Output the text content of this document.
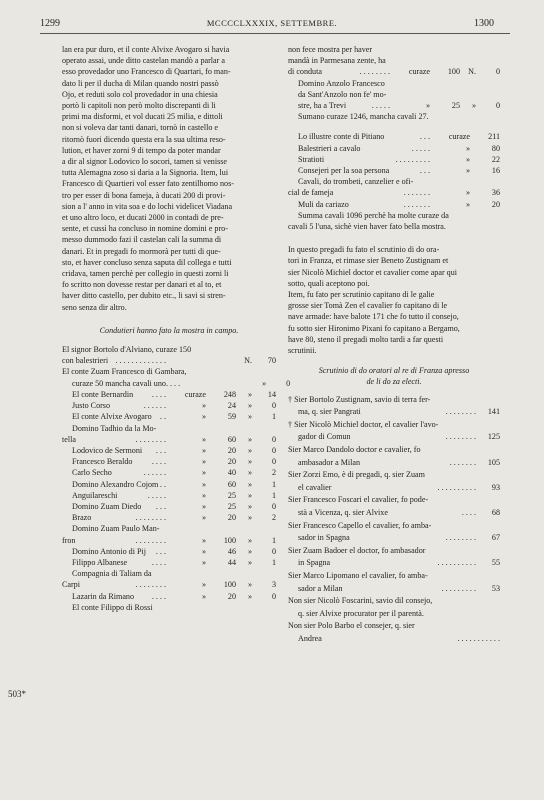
1299	MCCCCLXXXIX, SETTEMBRE.	1300
503*
lan era pur duro, et il conte Alvixe Avogaro si havia
operato assai, unde ditto castelan mandò a parlar a
esso provedador uno Francesco di Quartari, fo man-
dato li per il ducha di Milan quando nostri passò
Ojo, et reduti solo col provedador in una chiesia
portò li capitoli non però molto discrepanti di li
primi ma disformi, et vol ducati 25 milia, e dittoli
non si voleva dar tanti danari, tornò in castello e
ritornò fuori dicendo questa era la sua ultima reso-
lution, et haver zorni 9 di tempo da poter mandar
a dir al signor Lodovico lo socori, tamen si venisse
tutta Alemagna zoso si daria a la Signoria. Item, lui
Francesco di Quartieri vol esser fato zentilhomo nos-
tro per esser di bona fameja, à ducati 200 di provi-
sion a l' anno in vita soa e do lochi videlicet Viadana
et uno altro loco, et ducati 2000 in contadi de pre-
sente, et cussì ha concluso in nomine domini e pro-
messo dummodo fazi il castelan cali la summa di
danari. Et in pregadi fo mormorà per tutti di que-
sto, et haver concluso senza saputa dil collega e tutti
cridava, tamen perchè per collegio in questi zorni li
fo scritto non dovesse restar per danari et al to, et
haver ditto castello, per dubito etc., li savi si stren-
seno senza dir altro.
Condutieri hanno fato la mostra in campo.
El signor Bortolo d'Alviano, curaze 150
con balestrieri . . . . . . . . . . . . .	N.	70
El conte Zuam Francesco di Gambara,
curaze 50 mancha cavali uno . . . .	»	0
El conte Bernardin	. . . .	curaze	248	»	14
Justo Corso	. . . . . .	»	24	»	0
El conte Alvixe Avogaro	. .	»	59	»	1
Domino Tadhio da la Mo-
tella	. . . . . . . .	»	60	»	0
Lodovico de Sermoni	. . .	»	20	»	0
Francesco Beraldo	. . . .	»	20	»	0
Carlo Secho	. . . . . .	»	40	»	2
Domino Alexandro Cojom . .	»	60	»	1
Anguilareschi	. . . . .	»	25	»	1
Domino Zuam Diedo	. . .	»	25	»	0
Brazo	. . . . . . . .	»	20	»	2
Domino Zuam Paulo Man-
fron	. . . . . . . .	»	100	»	1
Domino Antonio di Pij	. . .	»	46	»	0
Filippo Albanese	. . . .	»	44	»	1
Compagnia di Taliam da
Carpi	. . . . . . . .	»	100	»	3
Lazarin da Rimano	. . . .	»	20	»	0
El conte Filippo di Rossi
non fece mostra per haver
mandà in Parmesana zente, ha
di conduta	. . . . . . . .	curaze	100	N.	0
Domino Anzolo Francesco
da Sant'Anzolo non fe' mo-
stre, ha a Trevi	. . . . .	»	25	»	0
Sumano curaze 1246, mancha cavali 27.
Lo illustre conte di Pitiano	. . .	curaze	211
Balestrieri a cavalo	. . . . .	»	80
Stratioti	. . . . . . . . .	»	22
Consejeri per la soa persona	. . .	»	16
Cavali, do trombeti, canzelier e ofi-
cial de fameja	. . . . . . .	»	36
Muli da cariazo	. . . . . . .	»	20
Summa cavali 1096 perchè ha molte curaze da
cavali 5 l'una, sichè vien haver fato bella mostra.
In questo pregadi fu fato el scrutinio di do ora-
tori in Franza, et rimase sier Beneto Zustignam et
sier Nicolò Michiel doctor et cavalier come apar qui
sotto, quali aceptono poi.
Item, fu fato per scrutinio capitano di le galie
grosse sier Tomà Zen el cavalier fo capitano di le
nave armade: have balote 171 che fo tutto il consejo,
fu sotto sier Hironimo Pixani fo capitano a Bergamo,
have 80, steno il pregadi molto tardi a far questi
scrutinii.
Scrutinio di do oratori al re di Franza apresso
de li do za electi.
† Sier Bortolo Zustignam, savio di terra fer-
ma, q. sier Pangrati	. . . . . . . .	141
† Sier Nicolò Michiel doctor, el cavalier l'avo-
gador di Comun	. . . . . . . .	125
Sier Marco Dandolo doctor e cavalier, fo
ambasador a Milan	. . . . . . .	105
Sier Zorzi Emo, è di pregadi, q. sier Zuam
el cavalier	. . . . . . . . . .	93
Sier Francesco Foscari el cavalier, fo pode-
stà a Vicenza, q. sier Alvixe	. . . .	68
Sier Francesco Capello el cavalier, fo amba-
sador in Spagna	. . . . . . . .	67
Sier Zuam Badoer el doctor, fo ambasador
in Spagna	. . . . . . . . . .	55
Sier Marco Lipomano el cavalier, fo amba-
sador a Milan	. . . . . . . . .	53
Non sier Nicolò Foscarini, savio dil consejo,
q. sier Alvixe procurator per il parentà.
Non sier Polo Barbo el consejer, q. sier
Andrea	. . . . . . . . . . .
